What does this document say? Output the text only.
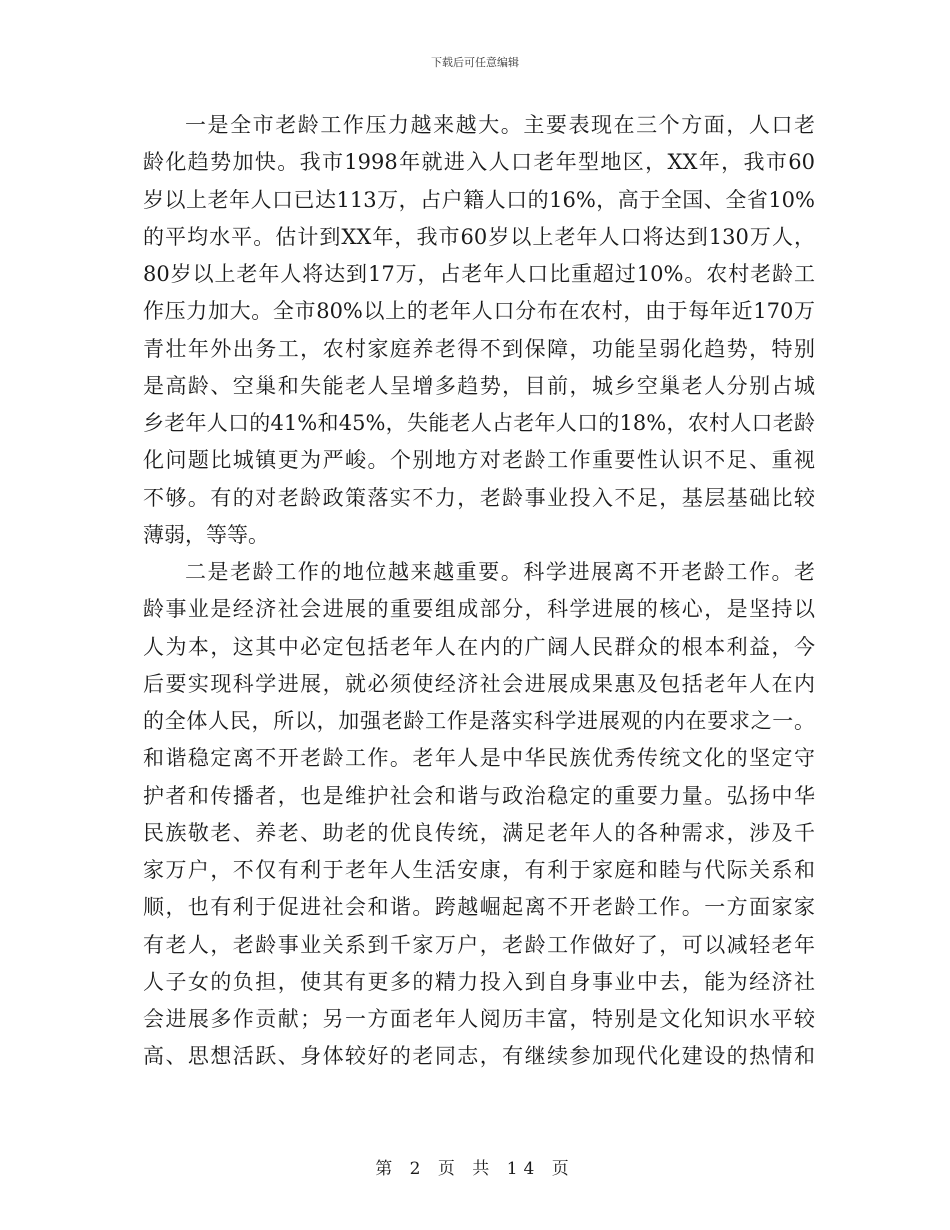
下载后可任意编辑
一是全市老龄工作压力越来越大。主要表现在三个方面，人口老
龄化趋势加快。我市1998年就进入人口老年型地区，XX年，我市60
岁以上老年人口已达113万，占户籍人口的16%，高于全国、全省10%
的平均水平。估计到XX年，我市60岁以上老年人口将达到130万人，
80岁以上老年人将达到17万，占老年人口比重超过10%。农村老龄工
作压力加大。全市80%以上的老年人口分布在农村，由于每年近170万
青壮年外出务工，农村家庭养老得不到保障，功能呈弱化趋势，特别
是高龄、空巢和失能老人呈增多趋势，目前，城乡空巢老人分别占城
乡老年人口的41%和45%，失能老人占老年人口的18%，农村人口老龄
化问题比城镇更为严峻。个别地方对老龄工作重要性认识不足、重视
不够。有的对老龄政策落实不力，老龄事业投入不足，基层基础比较
薄弱，等等。
二是老龄工作的地位越来越重要。科学进展离不开老龄工作。老
龄事业是经济社会进展的重要组成部分，科学进展的核心，是坚持以
人为本，这其中必定包括老年人在内的广阔人民群众的根本利益，今
后要实现科学进展，就必须使经济社会进展成果惠及包括老年人在内
的全体人民，所以，加强老龄工作是落实科学进展观的内在要求之一。
和谐稳定离不开老龄工作。老年人是中华民族优秀传统文化的坚定守
护者和传播者，也是维护社会和谐与政治稳定的重要力量。弘扬中华
民族敬老、养老、助老的优良传统，满足老年人的各种需求，涉及千
家万户，不仅有利于老年人生活安康，有利于家庭和睦与代际关系和
顺，也有利于促进社会和谐。跨越崛起离不开老龄工作。一方面家家
有老人，老龄事业关系到千家万户，老龄工作做好了，可以减轻老年
人子女的负担，使其有更多的精力投入到自身事业中去，能为经济社
会进展多作贡献；另一方面老年人阅历丰富，特别是文化知识水平较
高、思想活跃、身体较好的老同志，有继续参加现代化建设的热情和
第 2 页 共 14 页
